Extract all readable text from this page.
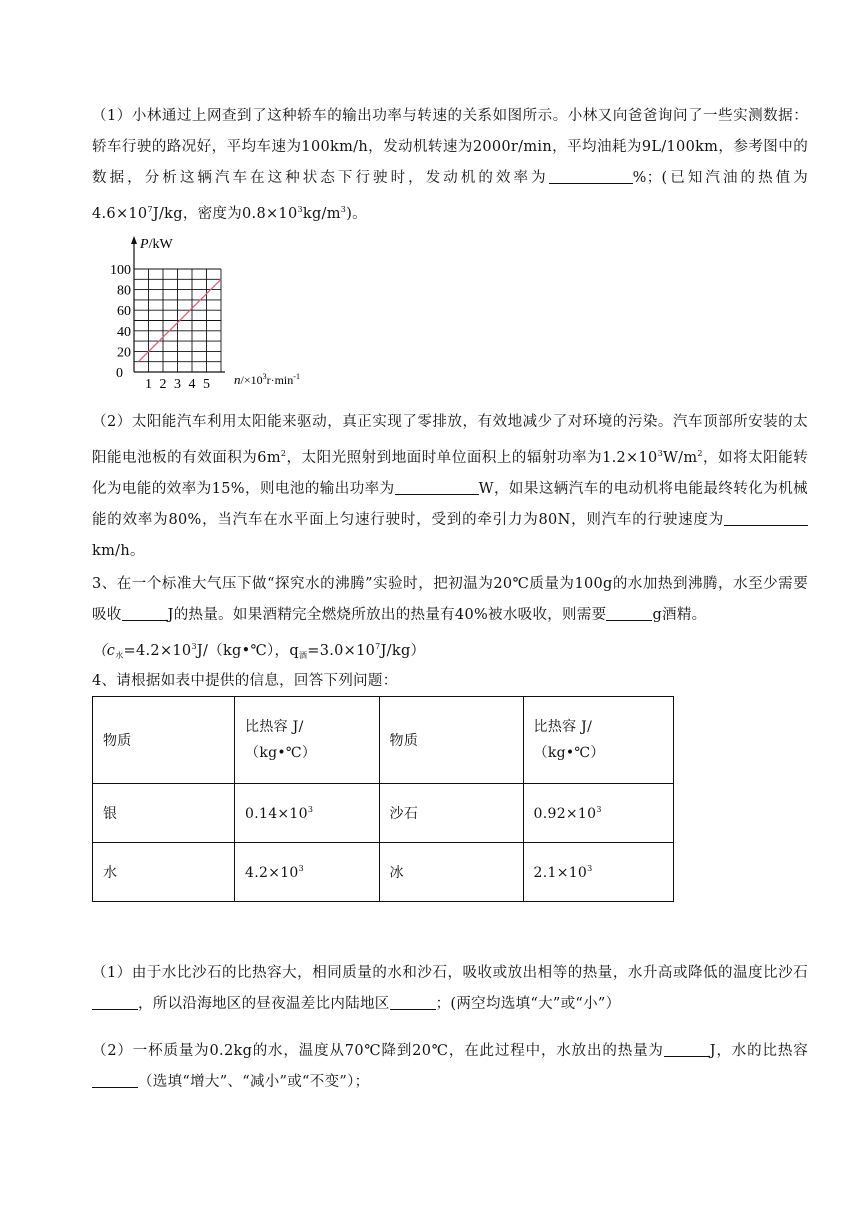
（1）小林通过上网查到了这种轿车的输出功率与转速的关系如图所示。小林又向爸爸询问了一些实测数据：轿车行驶的路况好，平均车速为100km/h，发动机转速为2000r/min，平均油耗为9L/100km，参考图中的数据，分析这辆汽车在这种状态下行驶时，发动机的效率为	%；(已知汽油的热值为$4.6\times 10^7J/kg$，密度为$0.8\times 10^3kg/m^3$)。
100
80
60
40
20
0
1 2 3 4 5
P/kW
$n/\times 10^3r\cdot\min^{-1}$
（2）太阳能汽车利用太阳能来驱动，真正实现了零排放，有效地减少了对环境的污染。汽车顶部所安装的太阳能电池板的有效面积为$6m^2$，太阳光照射到地面时单位面积上的辐射功率为$1.2\times 10^3W/m^2$，如将太阳能转化为电能的效率为15%，则电池的输出功率为	W，如果这辆汽车的电动机将电能最终转化为机械能的效率为80%，当汽车在水平面上匀速行驶时，受到的牵引力为80N，则汽车的行驶速度为km/h。
3、在一个标准大气压下做“探究水的沸腾”实验时，把初温为20℃质量为100g的水加热到沸腾，水至少需要吸收	J的热量。如果酒精完全燃烧所放出的热量有40%被水吸收，则需要	g酒精。
（$c_水=4.2\times 10^3J/(kg•℃)$，$q_酒=3.0\times 10^7J/kg$）
4、请根据如表中提供的信息，回答下列问题：
物质	比热容 J/
（kg•℃）	物质	比热容 J/
（kg•℃）
银	$0.14\times 10^3$	沙石	$0.92\times 10^3$
水	$4.2\times 10^3$	冰	$2.1\times 10^3$
（1）由于水比沙石的比热容大，相同质量的水和沙石，吸收或放出相等的热量，水升高或降低的温度比沙石，所以沿海地区的昼夜温差比内陆地区	；(两空均选填“大”或“小”）
（2）一杯质量为0.2kg的水，温度从70℃降到20℃，在此过程中，水放出的热量为	J，水的比热容（选填“增大”、“减小”或“不变”）；
